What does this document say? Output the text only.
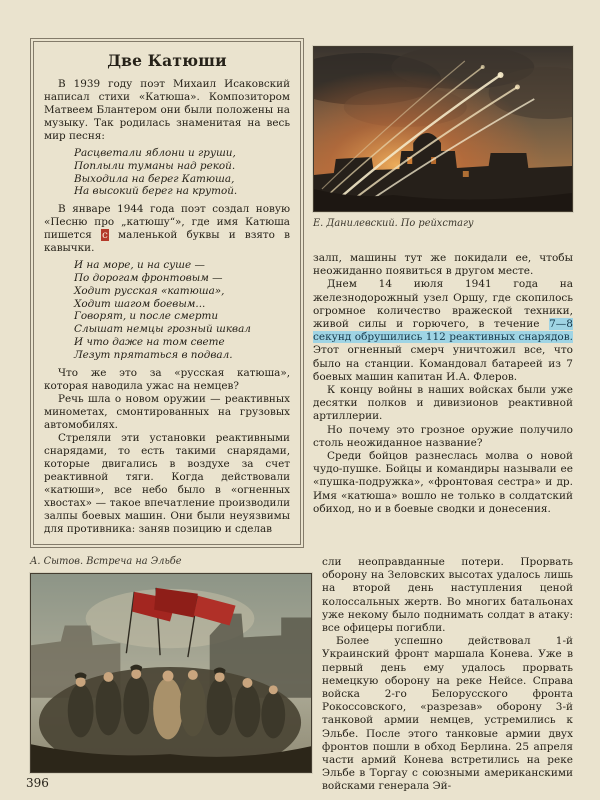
Две Катюши

В 1939 году поэт Михаил Исаковский написал стихи «Катюша». Композитором Матвеем Блантером они были положены на музыку. Так родилась знаменитая на весь мир песня:

Расцветали яблони и груши,
Поплыли туманы над рекой.
Выходила на берег Катюша,
На высокий берег на крутой.

В январе 1944 года поэт создал новую «Песню про „катюшу“», где имя Катюша пишется с маленькой буквы и взято в кавычки.

И на море, и на суше —
По дорогам фронтовым —
Ходит русская «катюша»,
Ходит шагом боевым...
Говорят, и после смерти
Слышат немцы грозный шквал
И что даже на том свете
Лезут прятаться в подвал.

Что же это за «русская катюша», которая наводила ужас на немцев?

Речь шла о новом оружии — реактивных минометах, смонтированных на грузовых автомобилях.

Стреляли эти установки реактивными снарядами, то есть такими снарядами, которые двигались в воздухе за счет реактивной тяги. Когда действовали «катюши», все небо было в «огненных хвостах» — такое впечатление производили залпы боевых машин. Они были неуязвимы для противника: заняв позицию и сделав

Е. Данилевский. По рейхстагу

залп, машины тут же покидали ее, чтобы неожиданно появиться в другом месте.

Днем 14 июля 1941 года на железнодорожный узел Оршу, где скопилось огромное количество вражеской техники, живой силы и горючего, в течение 7—8 секунд обрушились 112 реактивных снарядов. Этот огненный смерч уничтожил все, что было на станции. Командовал батареей из 7 боевых машин капитан И.А. Флеров.

К концу войны в наших войсках были уже десятки полков и дивизионов реактивной артиллерии.

Но почему это грозное оружие получило столь неожиданное название?

Среди бойцов разнеслась молва о новой чудо-пушке. Бойцы и командиры называли ее «пушка-подружка», «фронтовая сестра» и др. Имя «катюша» вошло не только в солдатский обиход, но и в боевые сводки и донесения.

А. Сытов. Встреча на Эльбе	сли неоправданные потери. Прорвать оборону на Зеловских высотах удалось лишь на второй день наступления ценой колоссальных жертв. Во многих батальонах уже некому было поднимать солдат в атаку: все офицеры погибли.

Более успешно действовал 1-й Украинский фронт маршала Конева. Уже в первый день ему удалось прорвать немецкую оборону на реке Нейсе. Справа войска 2-го Белорусского фронта Рокоссовского, «разрезав» оборону 3-й танковой армии немцев, устремились к Эльбе. После этого танковые армии двух фронтов пошли в обход Берлина. 25 апреля части армий Конева встретились на реке Эльбе в Торгау с союзными американскими войсками генерала Эй-

396
